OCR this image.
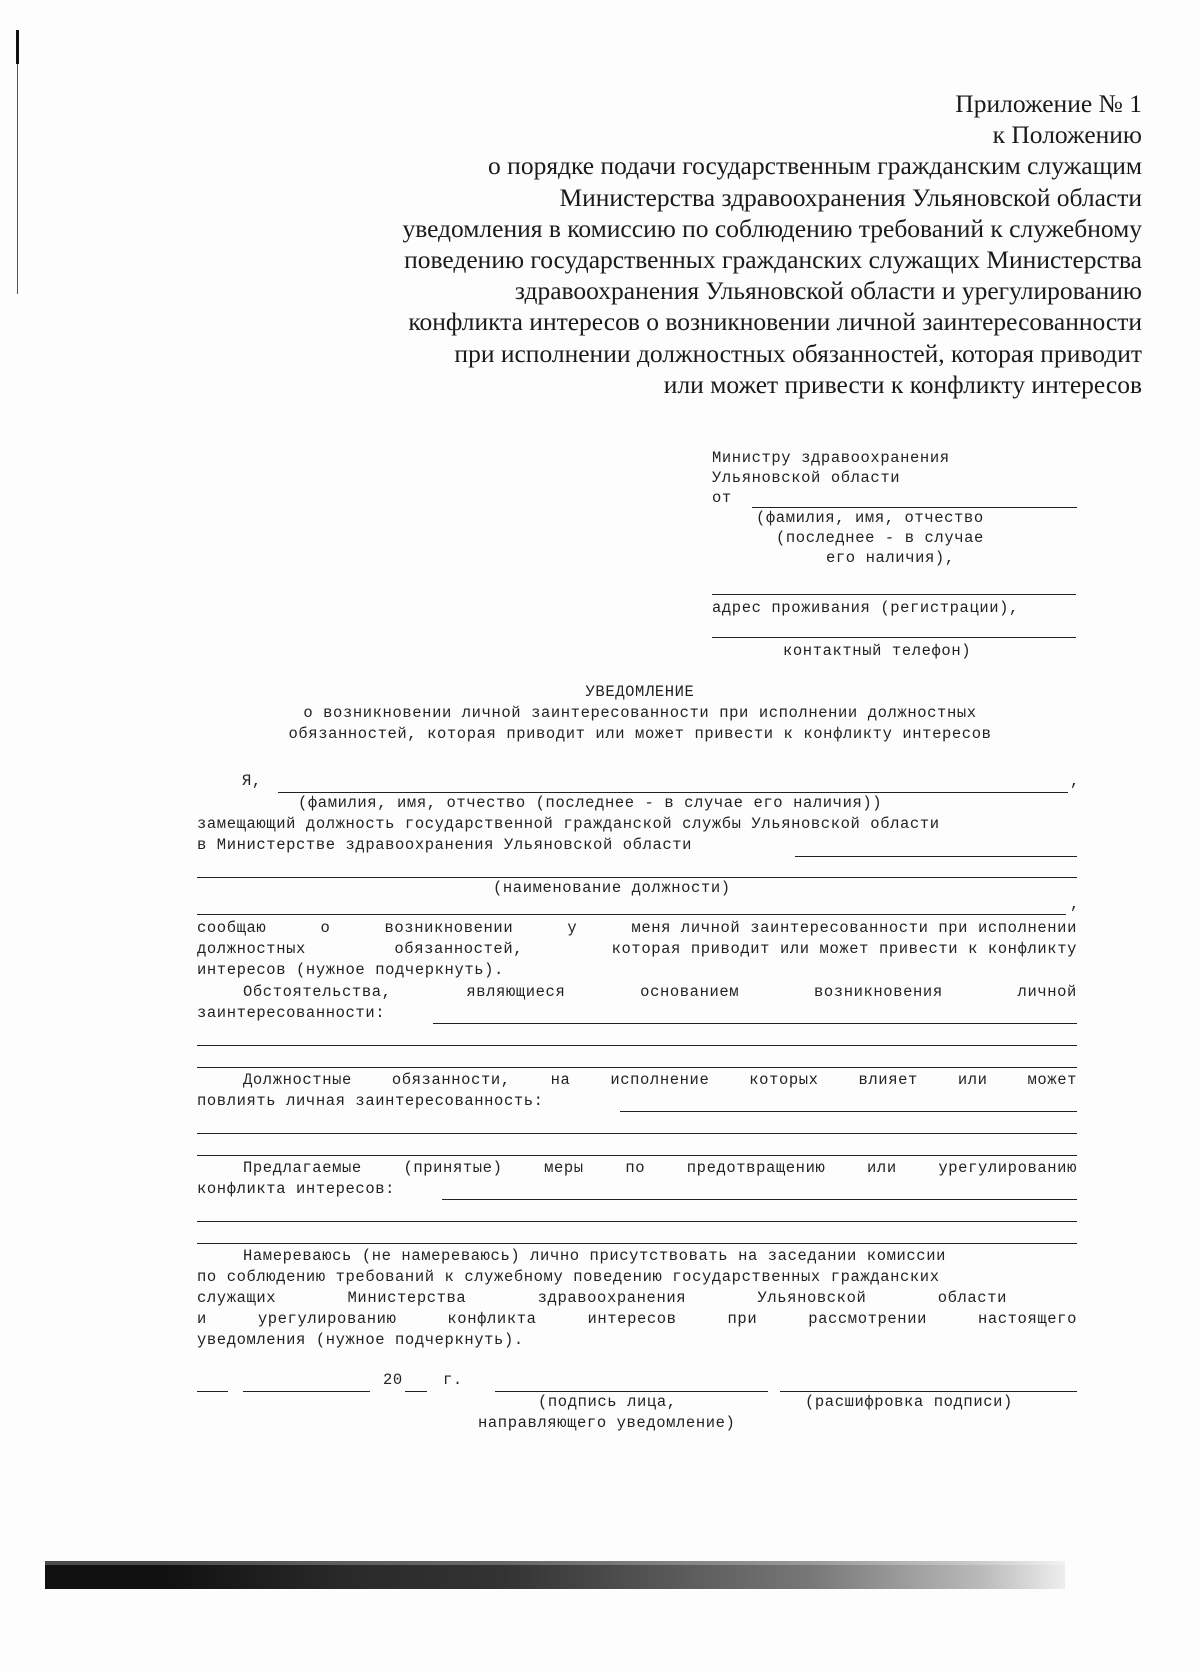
Приложение № 1
к Положению
о порядке подачи государственным гражданским служащим
Министерства здравоохранения Ульяновской области
уведомления в комиссию по соблюдению требований к служебному
поведению государственных гражданских служащих Министерства
здравоохранения Ульяновской области и урегулированию
конфликта интересов о возникновении личной заинтересованности
при исполнении должностных обязанностей, которая приводит
или может привести к конфликту интересов
Министру здравоохранения
Ульяновской области
от
(фамилия, имя, отчество
(последнее - в случае
его наличия),
адрес проживания (регистрации),
контактный телефон)
УВЕДОМЛЕНИЕ
о возникновении личной заинтересованности при исполнении должностных
обязанностей, которая приводит или может привести к конфликту интересов
Я,	,
(фамилия, имя, отчество (последнее - в случае его наличия))
замещающий должность государственной гражданской службы Ульяновской области
в Министерстве здравоохранения Ульяновской области
(наименование должности)
,
сообщаю	о	возникновении	у	меня личной заинтересованности при исполнении
должностных	обязанностей,	которая приводит или может привести к конфликту
интересов (нужное подчеркнуть).
Обстоятельства,	являющиеся	основанием	возникновения	личной
заинтересованности:
Должностные	обязанности,	на	исполнение	которых	влияет	или	может
повлиять личная заинтересованность:
Предлагаемые	(принятые)	меры	по	предотвращению	или	урегулированию
конфликта интересов:
Намереваюсь (не намереваюсь) лично присутствовать на заседании комиссии
по соблюдению требований к служебному поведению государственных гражданских
служащих	Министерства	здравоохранения	Ульяновской	области
и	урегулированию	конфликта	интересов	при	рассмотрении	настоящего
уведомления (нужное подчеркнуть).
20	г.
(подпись лица,	(расшифровка подписи)
направляющего уведомление)
